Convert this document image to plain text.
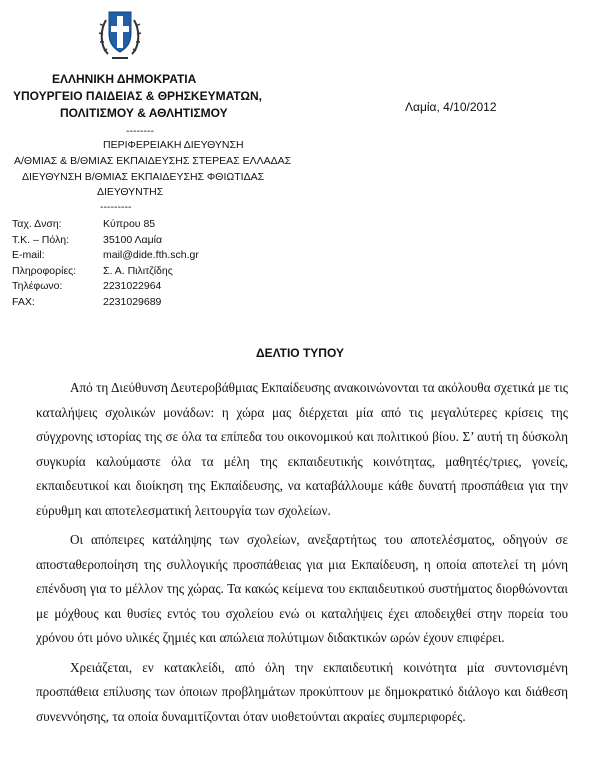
ΕΛΛΗΝΙΚΗ ΔΗΜΟΚΡΑΤΙΑ
ΥΠΟΥΡΓΕΙΟ ΠΑΙΔΕΙΑΣ & ΘΡΗΣΚΕΥΜΑΤΩΝ,
ΠΟΛΙΤΙΣΜΟΥ & ΑΘΛΗΤΙΣΜΟΥ
--------
ΠΕΡΙΦΕΡΕΙΑΚΗ ΔΙΕΥΘΥΝΣΗ
Α/ΘΜΙΑΣ & Β/ΘΜΙΑΣ ΕΚΠΑΙΔΕΥΣΗΣ ΣΤΕΡΕΑΣ ΕΛΛΑΔΑΣ
ΔΙΕΥΘΥΝΣΗ Β/ΘΜΙΑΣ ΕΚΠΑΙΔΕΥΣΗΣ ΦΘΙΩΤΙΔΑΣ
ΔΙΕΥΘΥΝΤΗΣ
---------
Λαμία, 4/10/2012
Ταχ. Δνση:	Κύπρου 85
Τ.Κ. – Πόλη:	35100 Λαμία
E-mail:	mail@dide.fth.sch.gr
Πληροφορίες:	Σ. Α. Πιλιτζίδης
Τηλέφωνο:	2231022964
FAX:	2231029689
ΔΕΛΤΙΟ ΤΥΠΟΥ

Από τη Διεύθυνση Δευτεροβάθμιας Εκπαίδευσης ανακοινώνονται τα ακόλουθα σχετικά με τις καταλήψεις σχολικών μονάδων: η χώρα μας διέρχεται μία από τις μεγαλύτερες κρίσεις της σύγχρονης ιστορίας της σε όλα τα επίπεδα του οικονομικού και πολιτικού βίου. Σ’ αυτή τη δύσκολη συγκυρία καλούμαστε όλα τα μέλη της εκπαιδευτικής κοινότητας, μαθητές/τριες, γονείς, εκπαιδευτικοί και διοίκηση της Εκπαίδευσης, να καταβάλλουμε κάθε δυνατή προσπάθεια για την εύρυθμη και αποτελεσματική λειτουργία των σχολείων.

Οι απόπειρες κατάληψης των σχολείων, ανεξαρτήτως του αποτελέσματος, οδηγούν σε αποσταθεροποίηση της συλλογικής προσπάθειας για μια Εκπαίδευση, η οποία αποτελεί τη μόνη επένδυση για το μέλλον της χώρας. Τα κακώς κείμενα του εκπαιδευτικού συστήματος διορθώνονται με μόχθους και θυσίες εντός του σχολείου ενώ οι καταλήψεις έχει αποδειχθεί στην πορεία του χρόνου ότι μόνο υλικές ζημιές και απώλεια πολύτιμων διδακτικών ωρών έχουν επιφέρει.

Χρειάζεται, εν κατακλείδι, από όλη την εκπαιδευτική κοινότητα μία συντονισμένη προσπάθεια επίλυσης των όποιων προβλημάτων προκύπτουν με δημοκρατικό διάλογο και διάθεση συνεννόησης, τα οποία δυναμιτίζονται όταν υιοθετούνται ακραίες συμπεριφορές.
